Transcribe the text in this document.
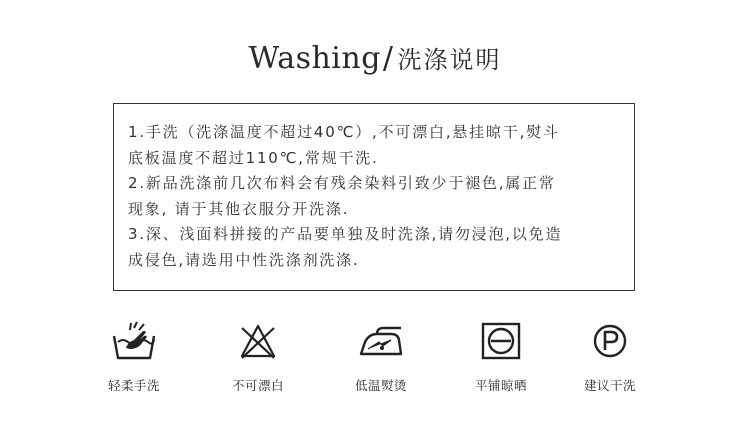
Washing/ 洗涤说明
1.手洗（洗涤温度不超过40℃）,不可漂白,悬挂晾干,熨斗
底板温度不超过110℃,常规干洗.
2.新品洗涤前几次布料会有残余染料引致少于褪色,属正常
现象, 请于其他衣服分开洗涤.
3.深、浅面料拼接的产品要单独及时洗涤,请勿浸泡,以免造
成侵色,请选用中性洗涤剂洗涤.
轻柔手洗	不可漂白	低温熨烫	平铺晾晒	建议干洗
